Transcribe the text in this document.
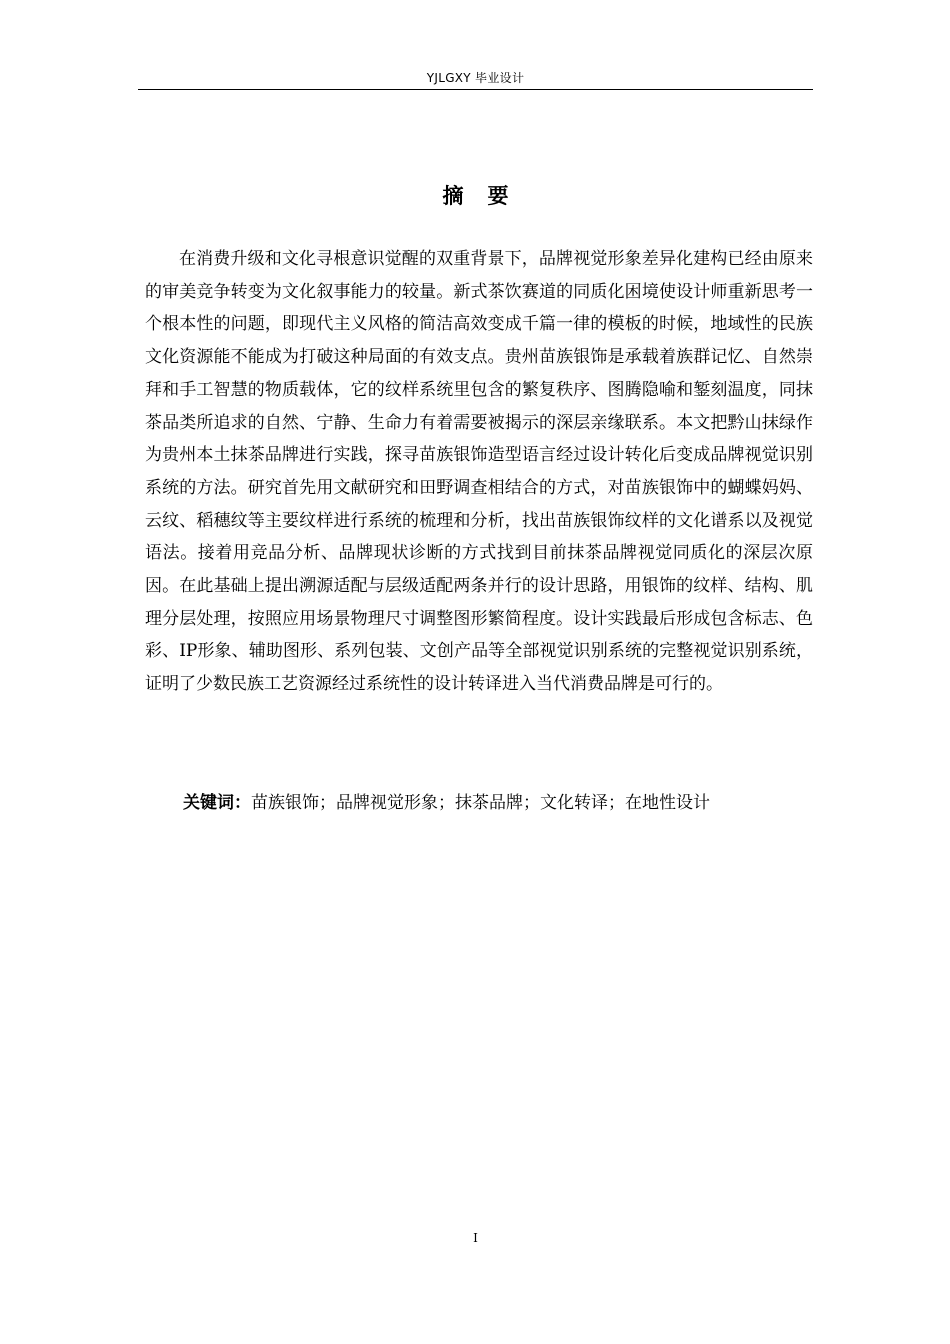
YJLGXY 毕业设计
摘要

在消费升级和文化寻根意识觉醒的双重背景下，品牌视觉形象差异化建构已经由原来的审美竞争转变为文化叙事能力的较量。新式茶饮赛道的同质化困境使设计师重新思考一个根本性的问题，即现代主义风格的简洁高效变成千篇一律的模板的时候，地域性的民族文化资源能不能成为打破这种局面的有效支点。贵州苗族银饰是承载着族群记忆、自然崇拜和手工智慧的物质载体，它的纹样系统里包含的繁复秩序、图腾隐喻和錾刻温度，同抹茶品类所追求的自然、宁静、生命力有着需要被揭示的深层亲缘联系。本文把黔山抹绿作为贵州本土抹茶品牌进行实践，探寻苗族银饰造型语言经过设计转化后变成品牌视觉识别系统的方法。研究首先用文献研究和田野调查相结合的方式，对苗族银饰中的蝴蝶妈妈、云纹、稻穗纹等主要纹样进行系统的梳理和分析，找出苗族银饰纹样的文化谱系以及视觉语法。接着用竞品分析、品牌现状诊断的方式找到目前抹茶品牌视觉同质化的深层次原因。在此基础上提出溯源适配与层级适配两条并行的设计思路，用银饰的纹样、结构、肌理分层处理，按照应用场景物理尺寸调整图形繁简程度。设计实践最后形成包含标志、色彩、IP形象、辅助图形、系列包装、文创产品等全部视觉识别系统的完整视觉识别系统，证明了少数民族工艺资源经过系统性的设计转译进入当代消费品牌是可行的。

关键词：苗族银饰；品牌视觉形象；抹茶品牌；文化转译；在地性设计
I
